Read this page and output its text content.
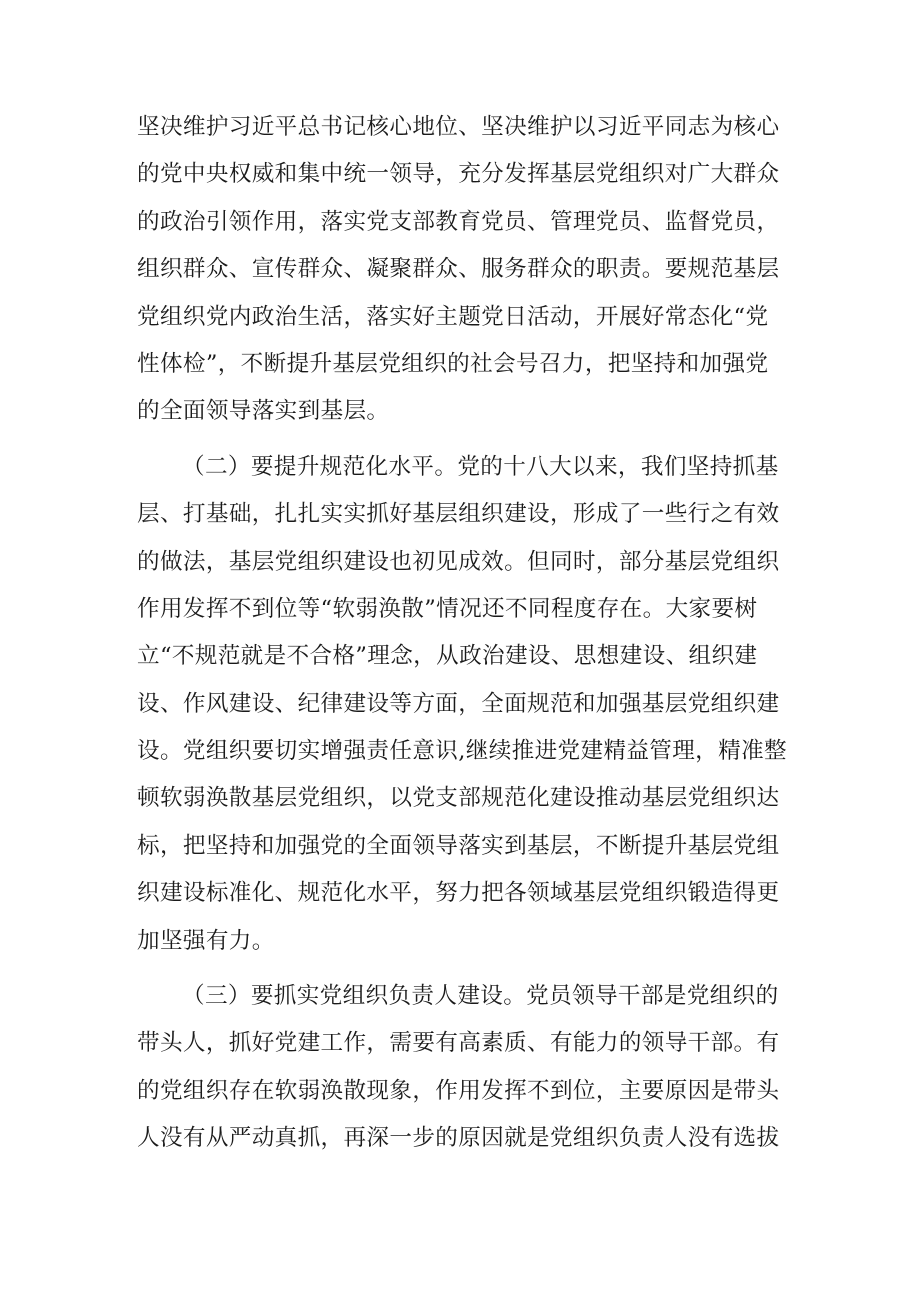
坚决维护习近平总书记核心地位、坚决维护以习近平同志为核心
的党中央权威和集中统一领导，充分发挥基层党组织对广大群众
的政治引领作用，落实党支部教育党员、管理党员、监督党员，
组织群众、宣传群众、凝聚群众、服务群众的职责。要规范基层
党组织党内政治生活，落实好主题党日活动，开展好常态化“党
性体检”，不断提升基层党组织的社会号召力，把坚持和加强党
的全面领导落实到基层。
（二）要提升规范化水平。党的十八大以来，我们坚持抓基
层、打基础，扎扎实实抓好基层组织建设，形成了一些行之有效
的做法，基层党组织建设也初见成效。但同时，部分基层党组织
作用发挥不到位等“软弱涣散”情况还不同程度存在。大家要树
立“不规范就是不合格”理念，从政治建设、思想建设、组织建
设、作风建设、纪律建设等方面，全面规范和加强基层党组织建
设。党组织要切实增强责任意识,继续推进党建精益管理，精准整
顿软弱涣散基层党组织，以党支部规范化建设推动基层党组织达
标，把坚持和加强党的全面领导落实到基层，不断提升基层党组
织建设标准化、规范化水平，努力把各领域基层党组织锻造得更
加坚强有力。
（三）要抓实党组织负责人建设。党员领导干部是党组织的
带头人，抓好党建工作，需要有高素质、有能力的领导干部。有
的党组织存在软弱涣散现象，作用发挥不到位，主要原因是带头
人没有从严动真抓，再深一步的原因就是党组织负责人没有选拔
